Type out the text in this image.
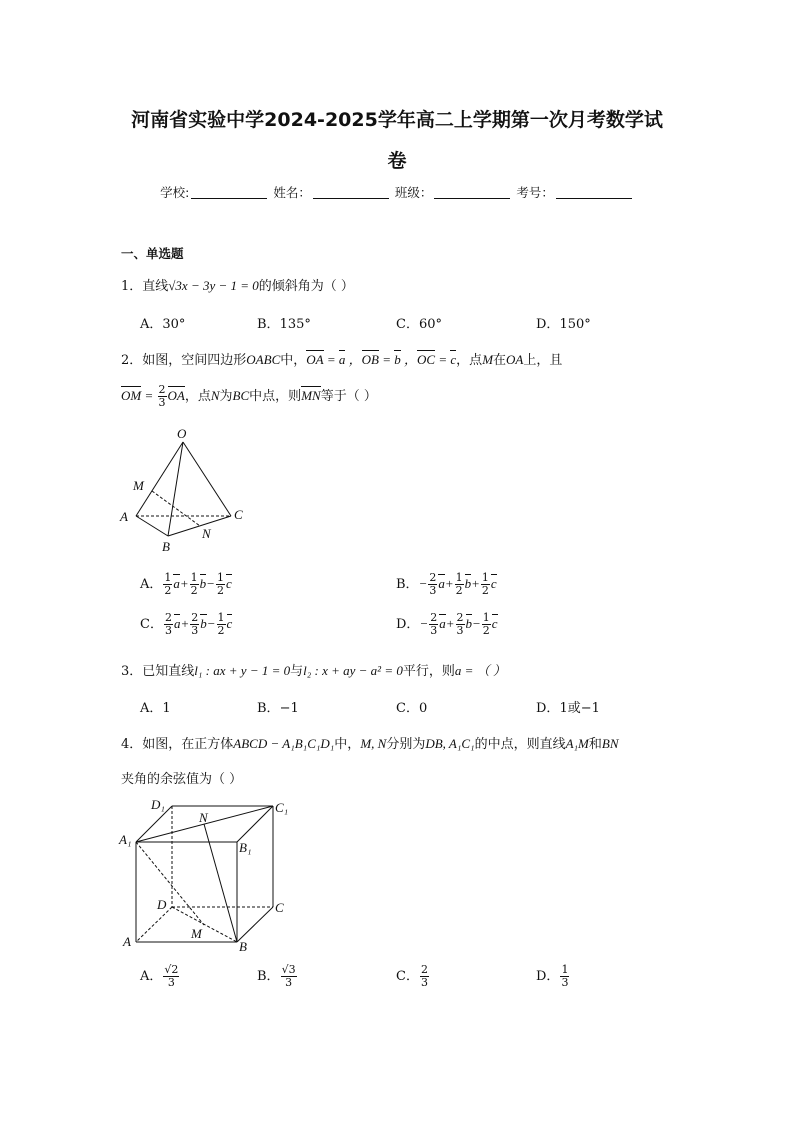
河南省实验中学2024-2025学年高二上学期第一次月考数学试
卷
学校:	姓名：	班级：	考号：
一、单选题
1．直线√3x − 3y − 1 = 0的倾斜角为（ ）
A．30°	B．135°	C．60°	D．150°
2．如图，空间四边形OABC中，OA = a ，OB = b ，OC = c，点M在OA上，且
OM = $\frac{2}{3}$ OA，点N为BC中点，则MN等于（ ）
O
M
A
B
N
C
A． $\frac{1}{2} a+ \frac{1}{2} b- \frac{1}{2}$ c	B．− $\frac{2}{3} a+ \frac{1}{2} b+ \frac{1}{2}$ c
C． $\frac{2}{3} a+ \frac{2}{3} b- \frac{1}{2}$ c	D．− $\frac{2}{3} a+ \frac{2}{3} b- \frac{1}{2}$ c
3．已知直线l₁ : ax + y − 1 = 0与l₂ : x + ay − a² = 0平行，则a = （ ）
A．1	B．−1	C．0	D．1或−1
4．如图，在正方体ABCD − A₁B₁C₁D₁中，M, N分别为DB, A₁C₁的中点，则直线A₁M和BN
夹角的余弦值为（ ）
D₁
N
C₁
A₁
B₁
D	C
A
M
B
A． $\frac{√2}{3}$	B． $\frac{√3}{3}$	C． $\frac{2}{3}$	D． $\frac{1}{3}$
